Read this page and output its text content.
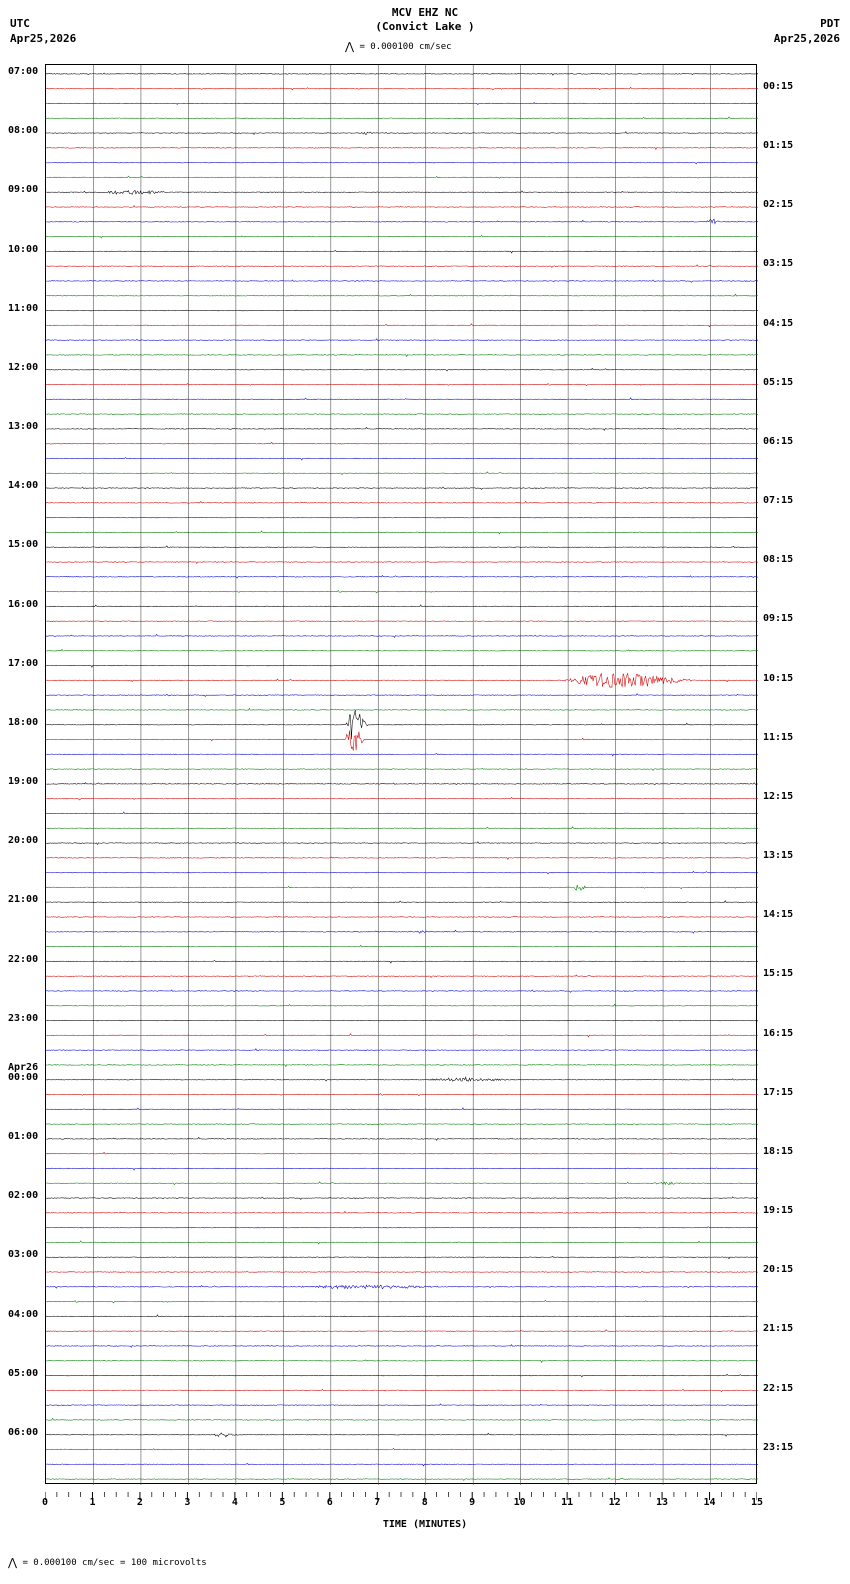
UTC
Apr25,2026
MCV EHZ NC
(Convict Lake )
⋀ = 0.000100 cm/sec
PDT
Apr25,2026
07:00
08:00
09:00
10:00
11:00
12:00
13:00
14:00
15:00
16:00
17:00
18:00
19:00
20:00
21:00
22:00
23:00
Apr26
00:00
01:00
02:00
03:00
04:00
05:00
06:00
00:15
01:15
02:15
03:15
04:15
05:15
06:15
07:15
08:15
09:15
10:15
11:15
12:15
13:15
14:15
15:15
16:15
17:15
18:15
19:15
20:15
21:15
22:15
23:15
0	1	2	3	4	5	6	7	8	9	10	11	12	13	14	15
TIME (MINUTES)
⋀ = 0.000100 cm/sec = 100 microvolts
